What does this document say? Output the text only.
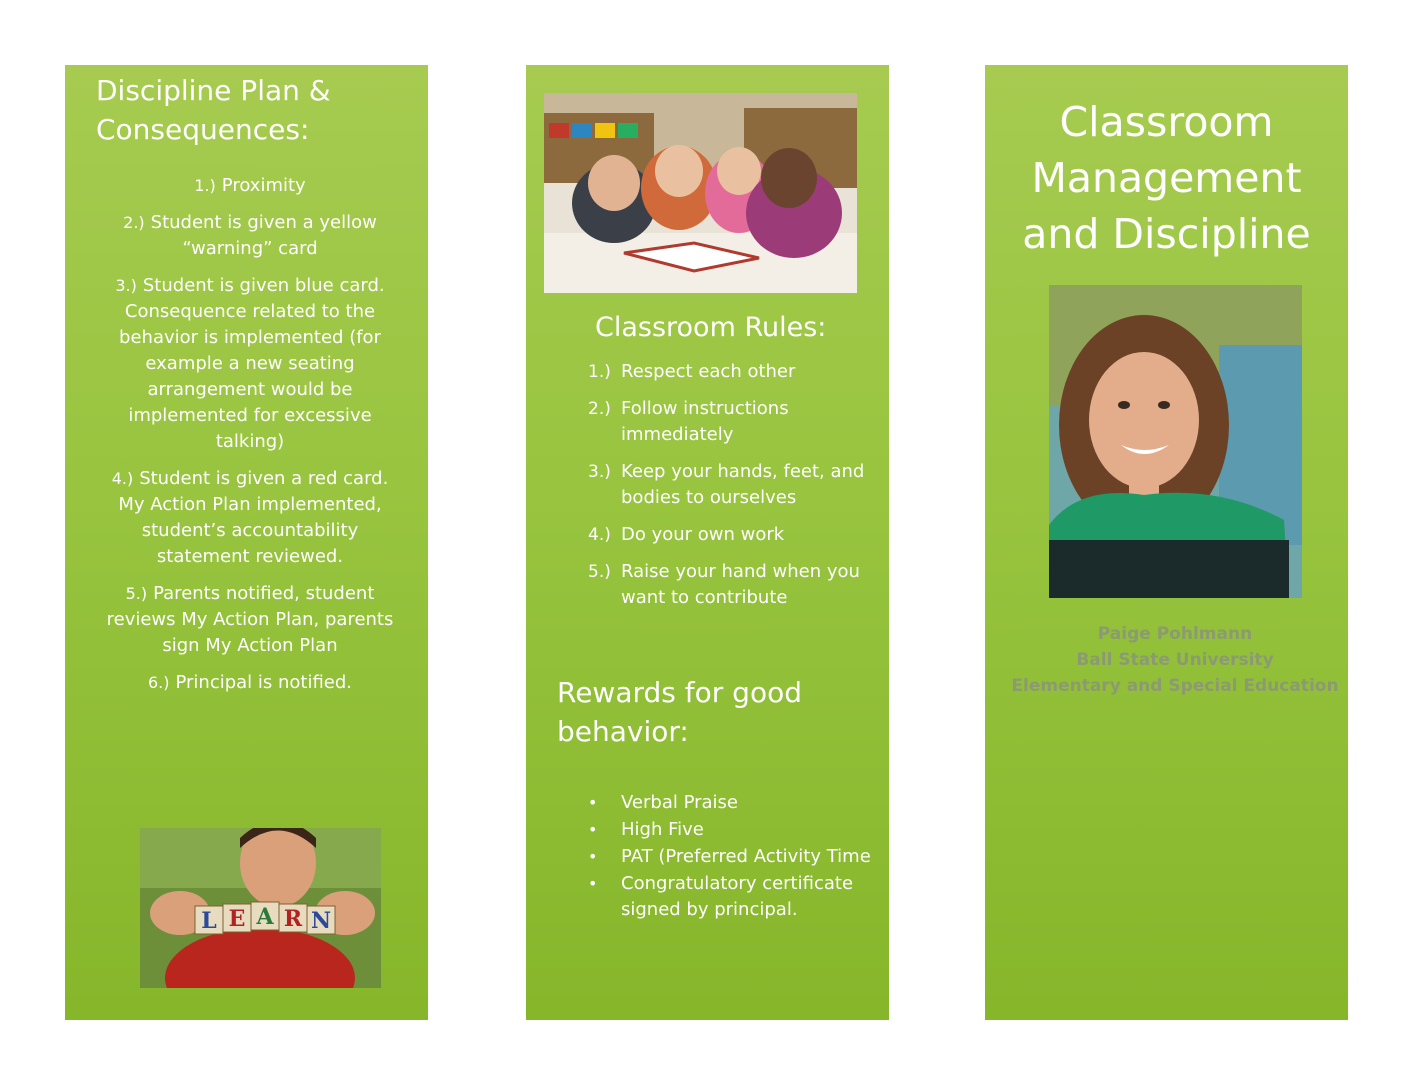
Discipline Plan & Consequences:
1.) Proximity
2.) Student is given a yellow “warning” card
3.) Student is given blue card. Consequence related to the behavior is implemented (for example a new seating arrangement would be implemented for excessive talking)
4.) Student is given a red card. My Action Plan implemented, student’s accountability statement reviewed.
5.) Parents notified, student reviews My Action Plan, parents sign My Action Plan
6.) Principal is notified.
L E A R N
Classroom Rules:
1.) Respect each other
2.) Follow instructions immediately
3.) Keep your hands, feet, and bodies to ourselves
4.) Do your own work
5.) Raise your hand when you want to contribute
Rewards for good behavior:
•	Verbal Praise
•	High Five
•	PAT (Preferred Activity Time
•	Congratulatory certificate signed by principal.
Classroom Management and Discipline
Paige Pohlmann
Ball State University
Elementary and Special Education
